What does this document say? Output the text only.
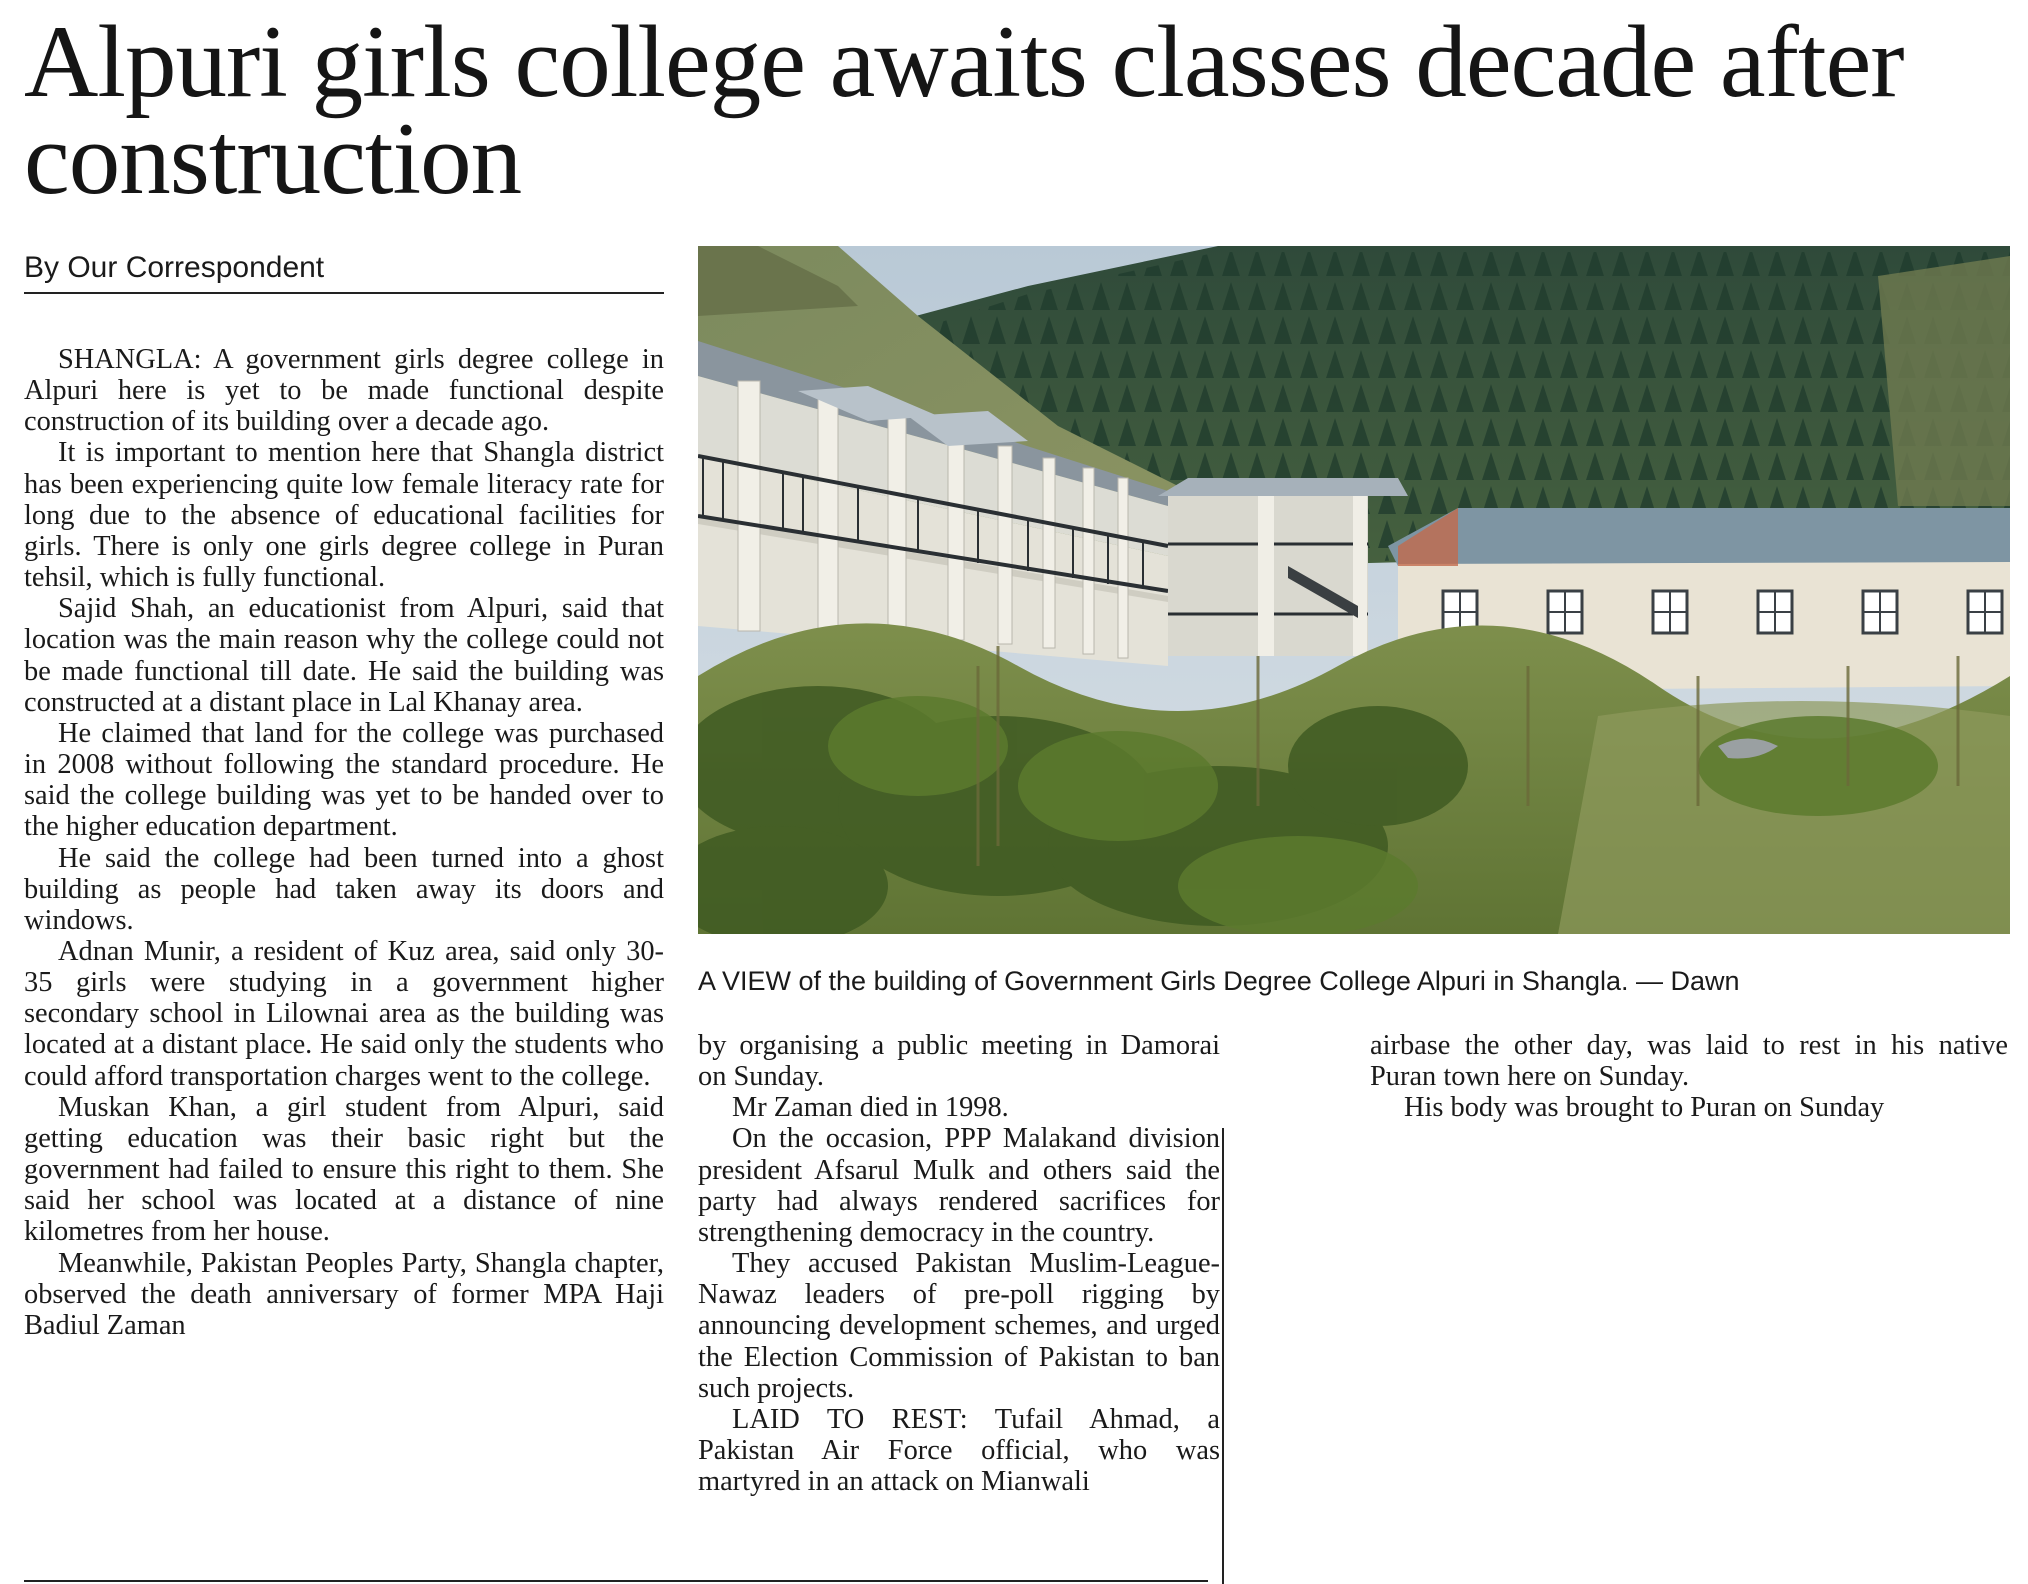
Alpuri girls college awaits classes decade after construction
By Our Correspondent

SHANGLA: A government girls degree college in Alpuri here is yet to be made functional despite construction of its building over a decade ago.

It is important to mention here that Shangla district has been experiencing quite low female literacy rate for long due to the absence of educational facilities for girls. There is only one girls degree college in Puran tehsil, which is fully functional.

Sajid Shah, an educationist from Alpuri, said that location was the main reason why the college could not be made functional till date. He said the building was constructed at a distant place in Lal Khanay area.

He claimed that land for the college was purchased in 2008 without following the standard procedure. He said the college building was yet to be handed over to the higher education department.

He said the college had been turned into a ghost building as people had taken away its doors and windows.

Adnan Munir, a resident of Kuz area, said only 30-35 girls were studying in a government higher secondary school in Lilownai area as the building was located at a distant place. He said only the students who could afford transportation charges went to the college.

Muskan Khan, a girl student from Alpuri, said getting education was their basic right but the government had failed to ensure this right to them. She said her school was located at a distance of nine kilometres from her house.

Meanwhile, Pakistan Peoples Party, Shangla chapter, observed the death anniversary of former MPA Haji Badiul Zaman

A VIEW of the building of Government Girls Degree College Alpuri in Shangla. — Dawn

by organising a public meeting in Damorai on Sunday.

Mr Zaman died in 1998.

On the occasion, PPP Malakand division president Afsarul Mulk and others said the party had always rendered sacrifices for strengthening democracy in the country.

They accused Pakistan Muslim-League-Nawaz leaders of pre-poll rigging by announcing development schemes, and urged the Election Commission of Pakistan to ban such projects.

LAID TO REST: Tufail Ahmad, a Pakistan Air Force official, who was martyred in an attack on Mianwali

airbase the other day, was laid to rest in his native Puran town here on Sunday.

His body was brought to Puran on Sunday
